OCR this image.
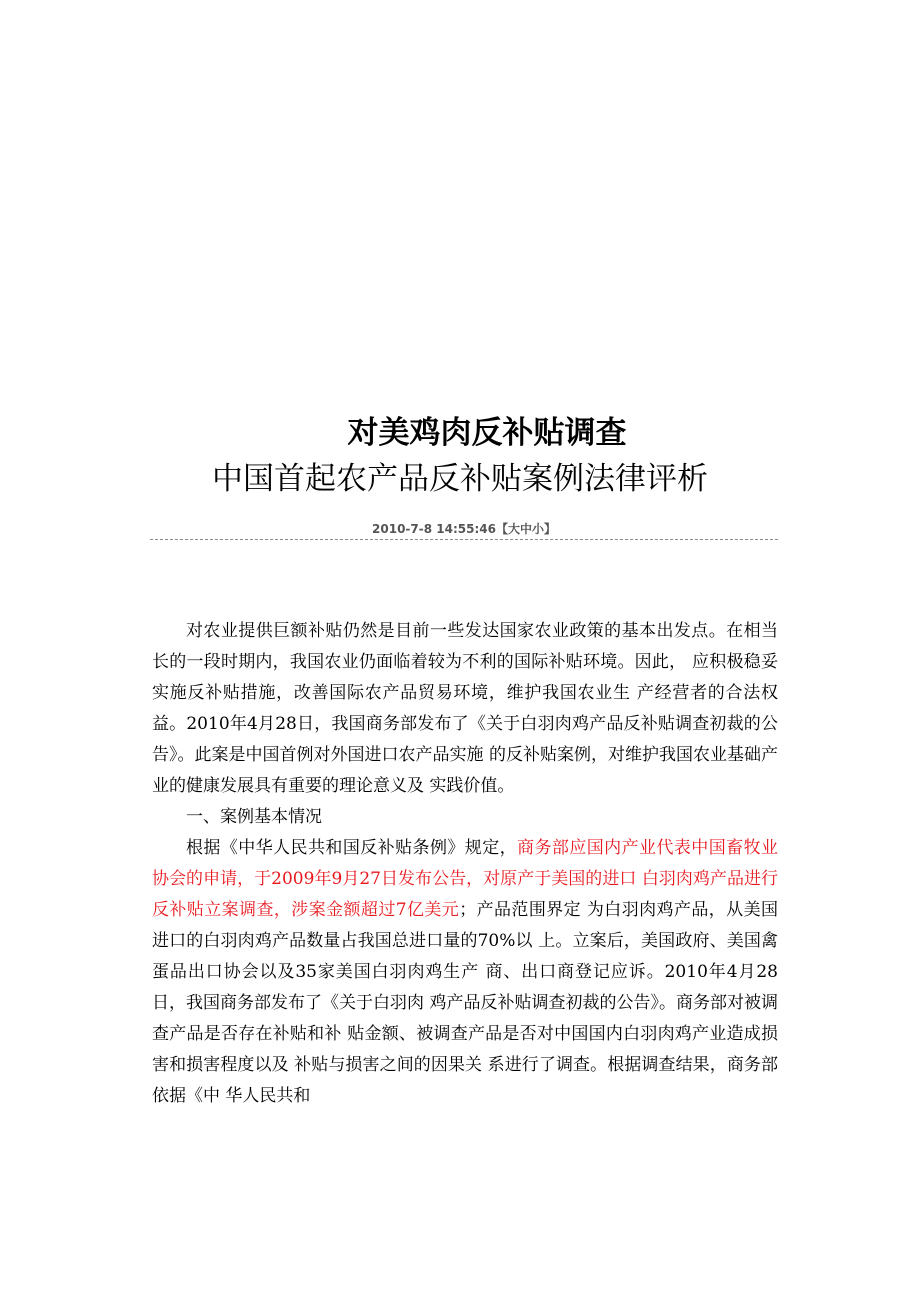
对美鸡肉反补贴调查
中国首起农产品反补贴案例法律评析
2010-7-8 14:55:46【大中小】

对农业提供巨额补贴仍然是目前一些发达国家农业政策的基本出发点。在相当长的一段时期内，我国农业仍面临着较为不利的国际补贴环境。因此， 应积极稳妥实施反补贴措施，改善国际农产品贸易环境，维护我国农业生 产经营者的合法权益。2010年4月28日，我国商务部发布了《关于白羽肉鸡产品反补贴调查初裁的公告》。此案是中国首例对外国进口农产品实施 的反补贴案例，对维护我国农业基础产业的健康发展具有重要的理论意义及 实践价值。

一、案例基本情况

根据《中华人民共和国反补贴条例》规定，商务部应国内产业代表中国畜牧业协会的申请，于2009年9月27日发布公告，对原产于美国的进口 白羽肉鸡产品进行反补贴立案调查，涉案金额超过7亿美元；产品范围界定 为白羽肉鸡产品，从美国进口的白羽肉鸡产品数量占我国总进口量的70%以 上。立案后，美国政府、美国禽蛋品出口协会以及35家美国白羽肉鸡生产 商、出口商登记应诉。2010年4月28日，我国商务部发布了《关于白羽肉 鸡产品反补贴调查初裁的公告》。商务部对被调查产品是否存在补贴和补 贴金额、被调查产品是否对中国国内白羽肉鸡产业造成损害和损害程度以及 补贴与损害之间的因果关 系进行了调查。根据调查结果，商务部依据《中 华人民共和
